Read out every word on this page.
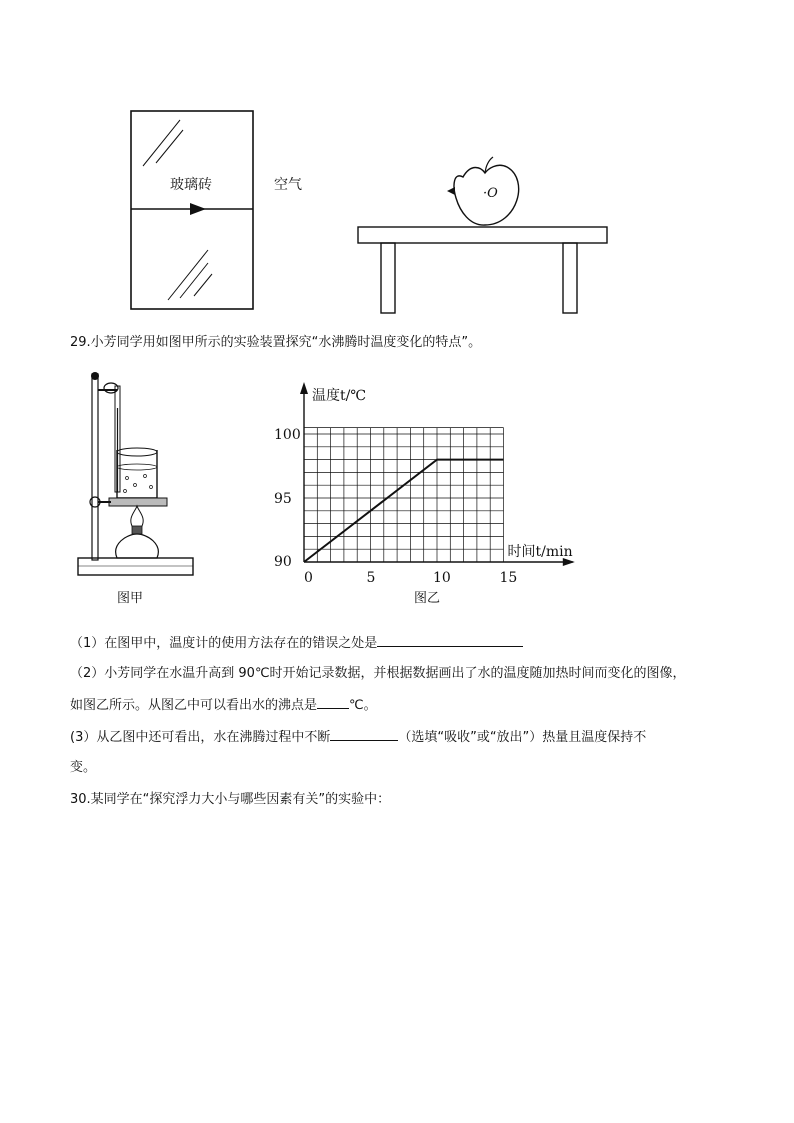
玻璃砖	空气
·O
29.小芳同学用如图甲所示的实验装置探究“水沸腾时温度变化的特点”。
图甲
温度t/℃
时间t/min
0	5	10	15
90
95
100
图乙
（1）在图甲中，温度计的使用方法存在的错误之处是
（2）小芳同学在水温升高到 90℃时开始记录数据，并根据数据画出了水的温度随加热时间而变化的图像，
如图乙所示。从图乙中可以看出水的沸点是 ℃。
(3）从乙图中还可看出，水在沸腾过程中不断	（选填“吸收”或“放出”）热量且温度保持不
变。
30.某同学在“探究浮力大小与哪些因素有关”的实验中：
